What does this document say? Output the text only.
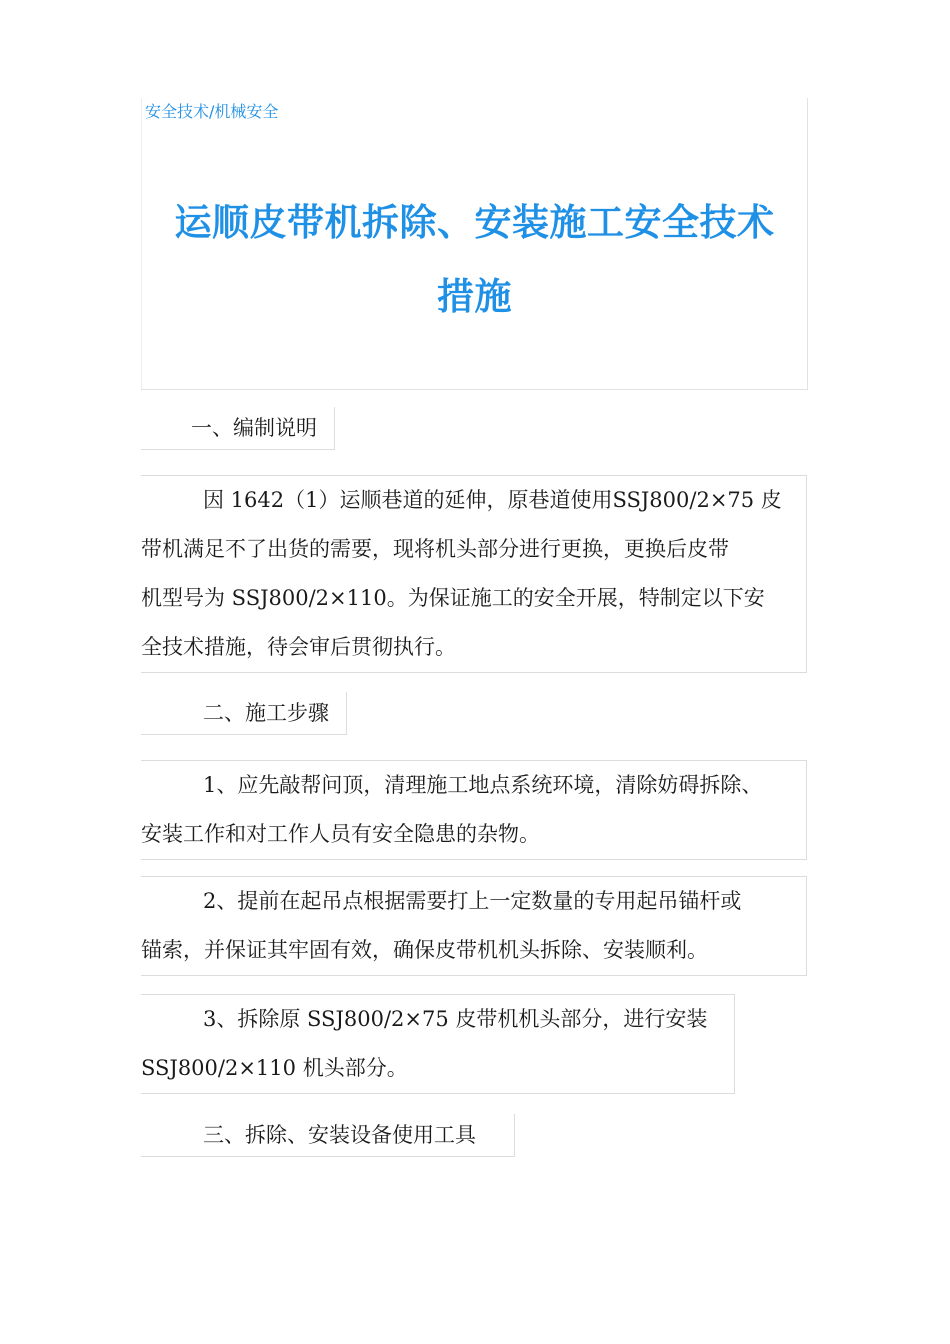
安全技术/机械安全
运顺皮带机拆除、安装施工安全技术
措施
一、编制说明
因 1642（1）运顺巷道的延伸，原巷道使用SSJ800/2×75 皮
带机满足不了出货的需要，现将机头部分进行更换，更换后皮带
机型号为 SSJ800/2×110。为保证施工的安全开展，特制定以下安
全技术措施，待会审后贯彻执行。
二、施工步骤
1、应先敲帮问顶，清理施工地点系统环境，清除妨碍拆除、
安装工作和对工作人员有安全隐患的杂物。
2、提前在起吊点根据需要打上一定数量的专用起吊锚杆或
锚索，并保证其牢固有效，确保皮带机机头拆除、安装顺利。
3、拆除原 SSJ800/2×75 皮带机机头部分，进行安装
SSJ800/2×110 机头部分。
三、拆除、安装设备使用工具
